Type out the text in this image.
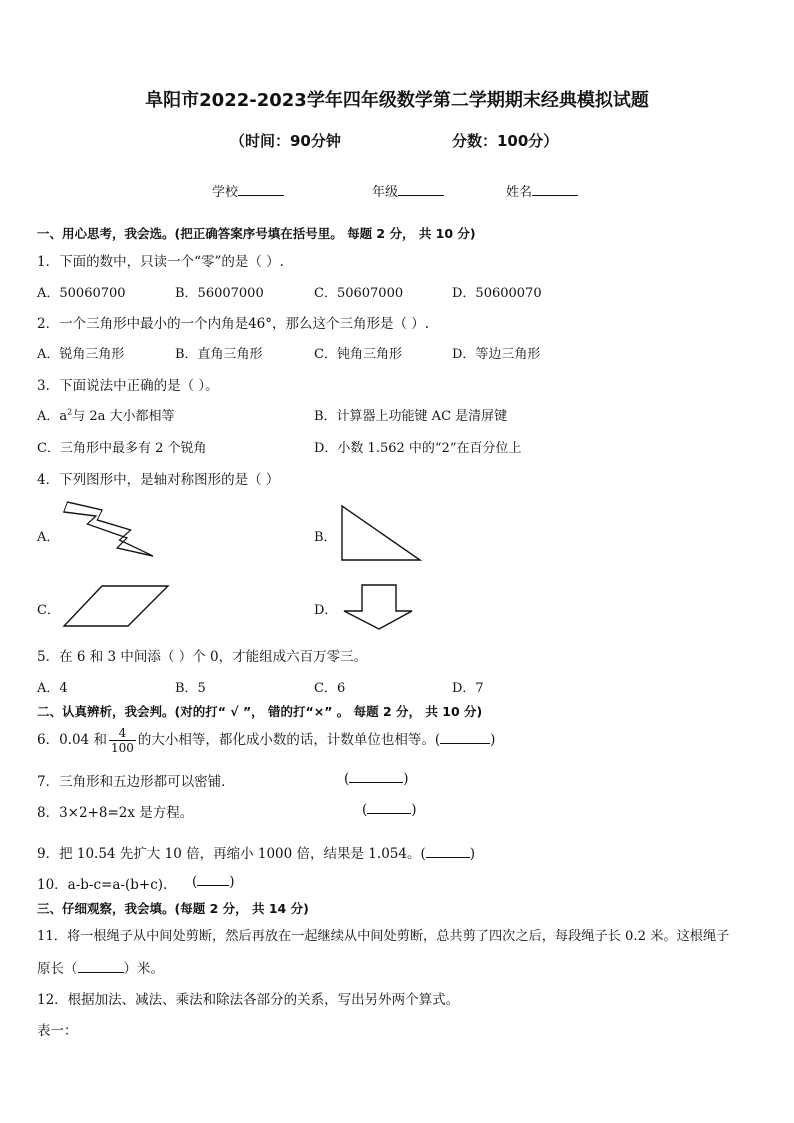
阜阳市2022-2023学年四年级数学第二学期期末经典模拟试题
（时间：90分钟	分数：100分）
学校	年级	姓名
一、用心思考，我会选。(把正确答案序号填在括号里。 每题 2 分， 共 10 分)
1．下面的数中，只读一个“零”的是（ ）.
A．50060700	B．56007000	C．50607000	D．50600070
2．一个三角形中最小的一个内角是46°，那么这个三角形是（ ）.
A．锐角三角形	B．直角三角形	C．钝角三角形	D．等边三角形
3．下面说法中正确的是（ ）。
A．$a^2$与 2a 大小都相等	B．计算器上功能键 AC 是清屏键
C．三角形中最多有 2 个锐角	D．小数 1.562 中的“2”在百分位上
4．下列图形中，是轴对称图形的是（ ）
A．	B．
C．	D．
5．在 6 和 3 中间添（ ）个 0，才能组成六百万零三。
A．4	B．5	C．6	D．7
二、认真辨析，我会判。(对的打“ √ ”， 错的打“×” 。 每题 2 分， 共 10 分)
6．0.04 和 $\frac{4}{100}$ 的大小相等，都化成小数的话，计数单位也相等。(	)
7．三角形和五边形都可以密铺．	(	)
8．3×2+8=2x 是方程。	(	)
9．把 10.54 先扩大 10 倍，再缩小 1000 倍，结果是 1.054。(	)
10．a-b-c=a-(b+c). ( )
三、仔细观察，我会填。(每题 2 分， 共 14 分)
11．将一根绳子从中间处剪断，然后再放在一起继续从中间处剪断，总共剪了四次之后，每段绳子长 0.2 米。这根绳子
原长（	）米。
12．根据加法、减法、乘法和除法各部分的关系，写出另外两个算式。
表一：
